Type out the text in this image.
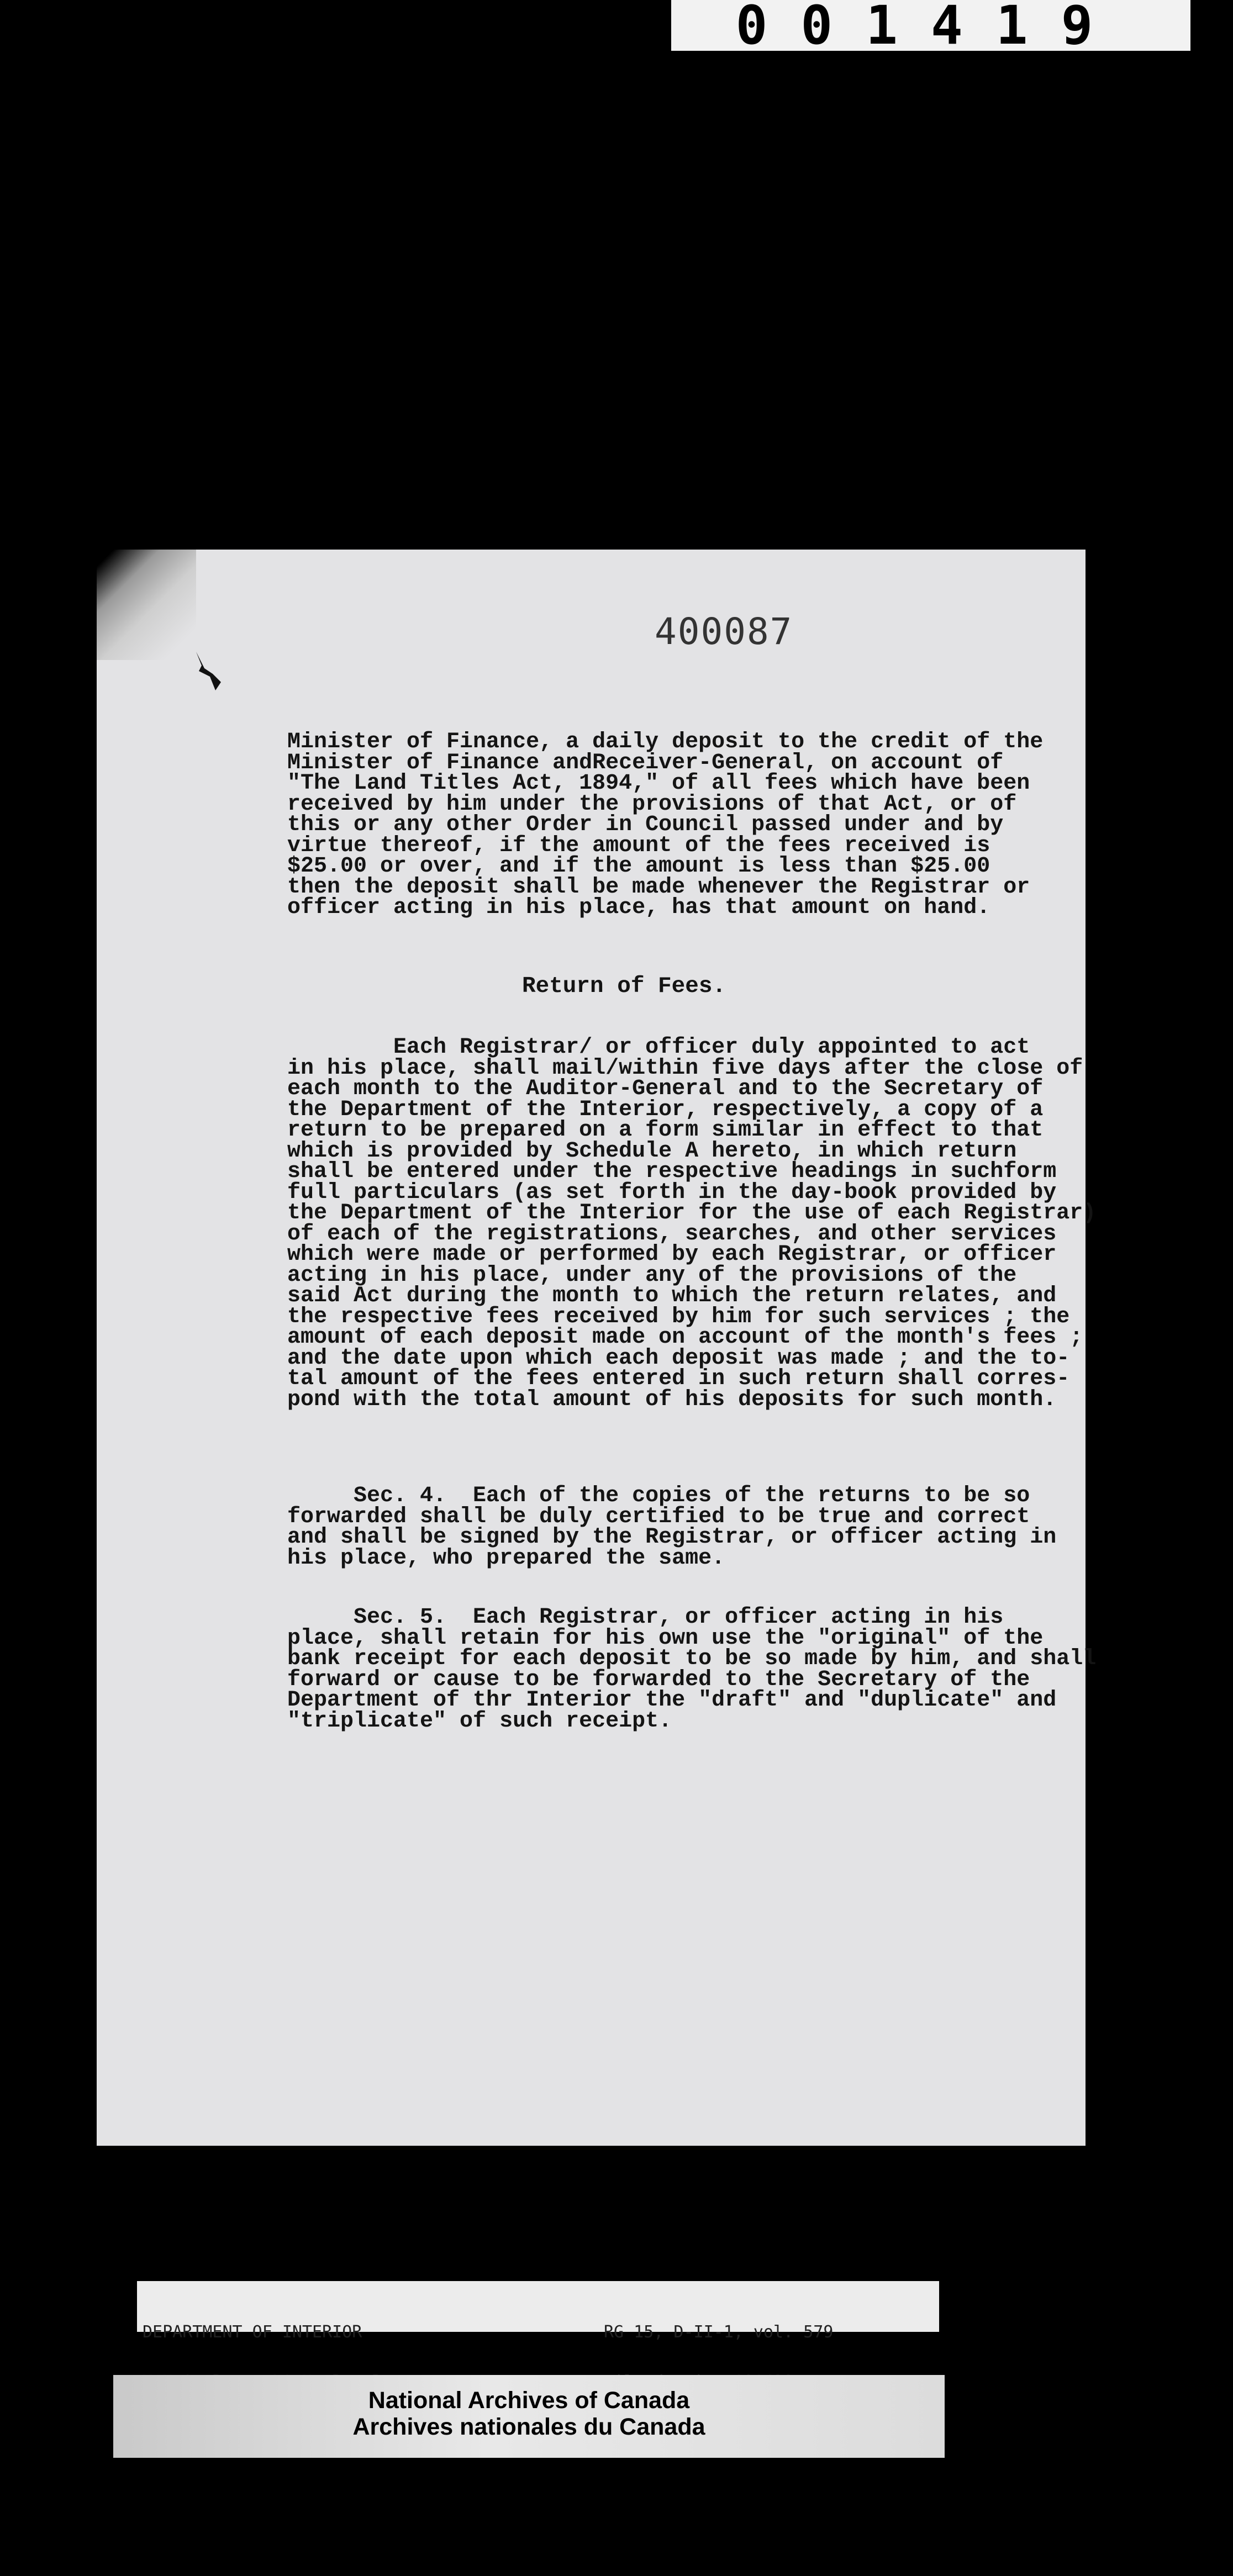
001419
400087
Minister of Finance, a daily deposit to the credit of the
Minister of Finance andReceiver-General, on account of
"The Land Titles Act, 1894," of all fees which have been
received by him under the provisions of that Act, or of
this or any other Order in Council passed under and by
virtue thereof, if the amount of the fees received is
$25.00 or over, and if the amount is less than $25.00
then the deposit shall be made whenever the Registrar or
officer acting in his place, has that amount on hand.
Return of Fees.
Each Registrar/ or officer duly appointed to act
in his place, shall mail/within five days after the close of
each month to the Auditor-General and to the Secretary of
the Department of the Interior, respectively, a copy of a
return to be prepared on a form similar in effect to that
which is provided by Schedule A hereto, in which return
shall be entered under the respective headings in suchform
full particulars (as set forth in the day-book provided by
the Department of the Interior for the use of each Registrar)
of each of the registrations, searches, and other services
which were made or performed by each Registrar, or officer
acting in his place, under any of the provisions of the
said Act during the month to which the return relates, and
the respective fees received by him for such services ; the
amount of each deposit made on account of the month's fees ;
and the date upon which each deposit was made ; and the to-
tal amount of the fees entered in such return shall corres-
pond with the total amount of his deposits for such month.
Sec. 4.  Each of the copies of the returns to be so
forwarded shall be duly certified to be true and correct
and shall be signed by the Registrar, or officer acting in
his place, who prepared the same.
Sec. 5.  Each Registrar, or officer acting in his
place, shall retain for his own use the "original" of the
bank receipt for each deposit to be so made by him, and shall
forward or cause to be forwarded to the Secretary of the
Department of thr Interior the "draft" and "duplicate" and
"triplicate" of such receipt.

DEPARTMENT OF INTERIOR

	RG 15, D-II-1, vol. 579

National Archives of Canada
Archives nationales du Canada
